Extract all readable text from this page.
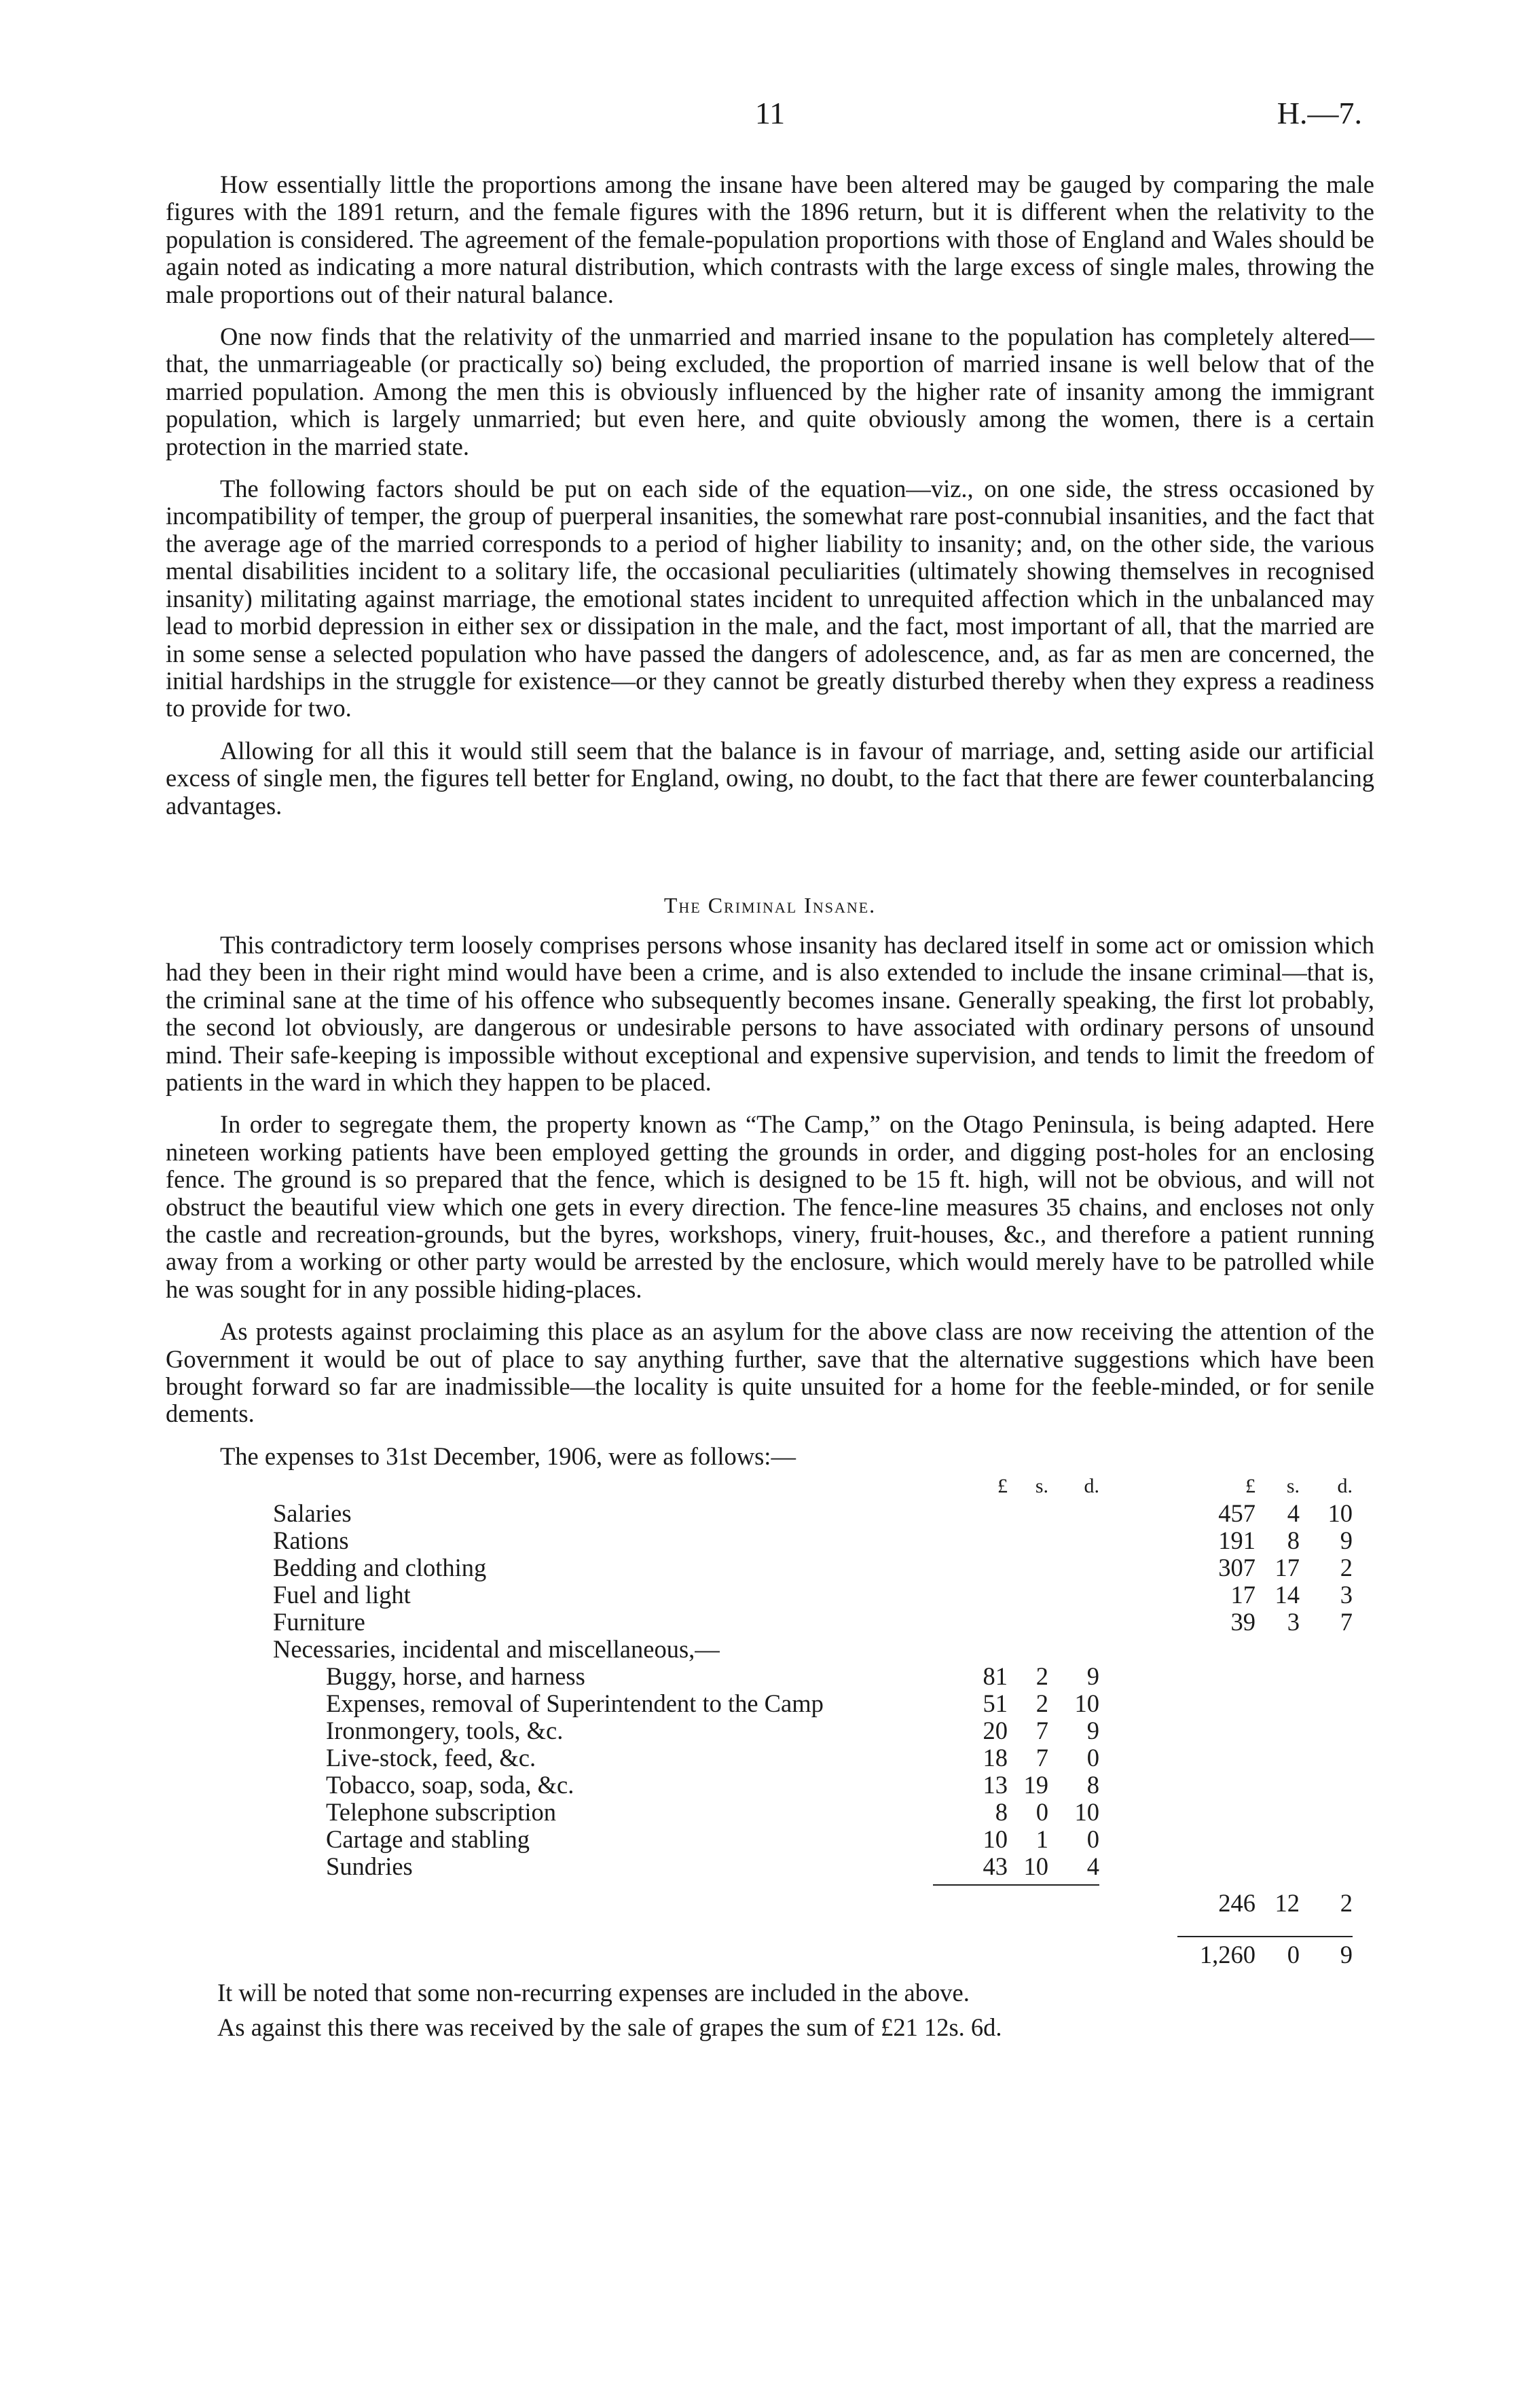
11	H.—7.

How essentially little the proportions among the insane have been altered may be gauged by comparing the male figures with the 1891 return, and the female figures with the 1896 return, but it is different when the relativity to the population is considered. The agreement of the female-population proportions with those of England and Wales should be again noted as indicating a more natural distribution, which contrasts with the large excess of single males, throwing the male proportions out of their natural balance.

One now finds that the relativity of the unmarried and married insane to the population has completely altered—that, the unmarriageable (or practically so) being excluded, the proportion of married insane is well below that of the married population. Among the men this is obviously influenced by the higher rate of insanity among the immigrant population, which is largely unmarried; but even here, and quite obviously among the women, there is a certain protection in the married state.

The following factors should be put on each side of the equation—viz., on one side, the stress occasioned by incompatibility of temper, the group of puerperal insanities, the somewhat rare post-connubial insanities, and the fact that the average age of the married corresponds to a period of higher liability to insanity; and, on the other side, the various mental disabilities incident to a solitary life, the occasional peculiarities (ultimately showing themselves in recognised insanity) militating against marriage, the emotional states incident to unrequited affection which in the unbalanced may lead to morbid depression in either sex or dissipation in the male, and the fact, most important of all, that the married are in some sense a selected population who have passed the dangers of adolescence, and, as far as men are concerned, the initial hardships in the struggle for existence—or they cannot be greatly disturbed thereby when they express a readiness to provide for two.

Allowing for all this it would still seem that the balance is in favour of marriage, and, setting aside our artificial excess of single men, the figures tell better for England, owing, no doubt, to the fact that there are fewer counterbalancing advantages.

The Criminal Insane.

This contradictory term loosely comprises persons whose insanity has declared itself in some act or omission which had they been in their right mind would have been a crime, and is also extended to include the insane criminal—that is, the criminal sane at the time of his offence who subsequently becomes insane. Generally speaking, the first lot probably, the second lot obviously, are dangerous or undesirable persons to have associated with ordinary persons of unsound mind. Their safe-keeping is impossible without exceptional and expensive supervision, and tends to limit the freedom of patients in the ward in which they happen to be placed.

In order to segregate them, the property known as “The Camp,” on the Otago Peninsula, is being adapted. Here nineteen working patients have been employed getting the grounds in order, and digging post-holes for an enclosing fence. The ground is so prepared that the fence, which is designed to be 15 ft. high, will not be obvious, and will not obstruct the beautiful view which one gets in every direction. The fence-line measures 35 chains, and encloses not only the castle and recreation-grounds, but the byres, workshops, vinery, fruit-houses, &c., and therefore a patient running away from a working or other party would be arrested by the enclosure, which would merely have to be patrolled while he was sought for in any possible hiding-places.

As protests against proclaiming this place as an asylum for the above class are now receiving the attention of the Government it would be out of place to say anything further, save that the alternative suggestions which have been brought forward so far are inadmissible—the locality is quite unsuited for a home for the feeble-minded, or for senile dements.

The expenses to 31st December, 1906, were as follows:—

£	s.	d.	£	s.	d.
Salaries	457	4	10
Rations	191	8	9
Bedding and clothing	307 17	2
Fuel and light	17 14	3
Furniture	39	3	7
Necessaries, incidental and miscellaneous,—
Buggy, horse, and harness	81	2	9
Expenses, removal of Superintendent to the Camp	51	2	10
Ironmongery, tools, &c.	20	7	9
Live-stock, feed, &c.	18	7	0
Tobacco, soap, soda, &c.	13 19	8
Telephone subscription	8	0	10
Cartage and stabling	10	1	0
Sundries	43 10	4
246 12	2
1,260	0	9

It will be noted that some non-recurring expenses are included in the above.

As against this there was received by the sale of grapes the sum of £21 12s. 6d.
